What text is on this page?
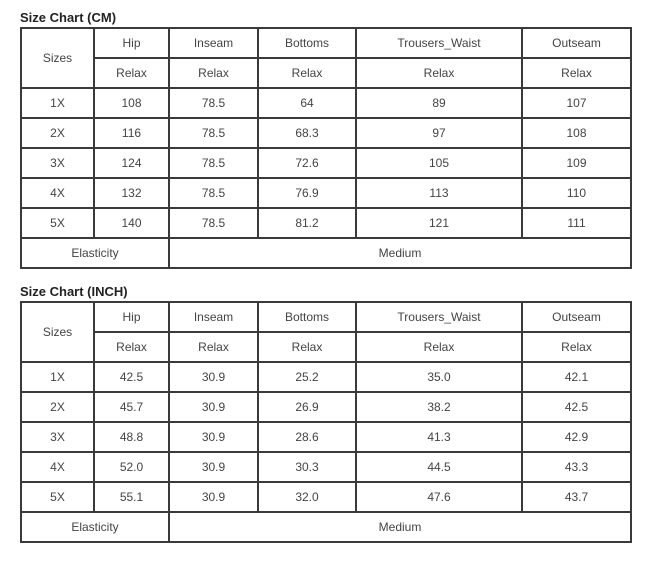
Size Chart (CM)
Sizes	Hip	Inseam	Bottoms	Trousers_Waist	Outseam
	Relax	Relax	Relax	Relax	Relax
1X	108	78.5	64	89	107
2X	116	78.5	68.3	97	108
3X	124	78.5	72.6	105	109
4X	132	78.5	76.9	113	110
5X	140	78.5	81.2	121	111
Elasticity		Medium			
Size Chart (INCH)
Sizes	Hip	Inseam	Bottoms	Trousers_Waist	Outseam
	Relax	Relax	Relax	Relax	Relax
1X	42.5	30.9	25.2	35.0	42.1
2X	45.7	30.9	26.9	38.2	42.5
3X	48.8	30.9	28.6	41.3	42.9
4X	52.0	30.9	30.3	44.5	43.3
5X	55.1	30.9	32.0	47.6	43.7
Elasticity		Medium			
